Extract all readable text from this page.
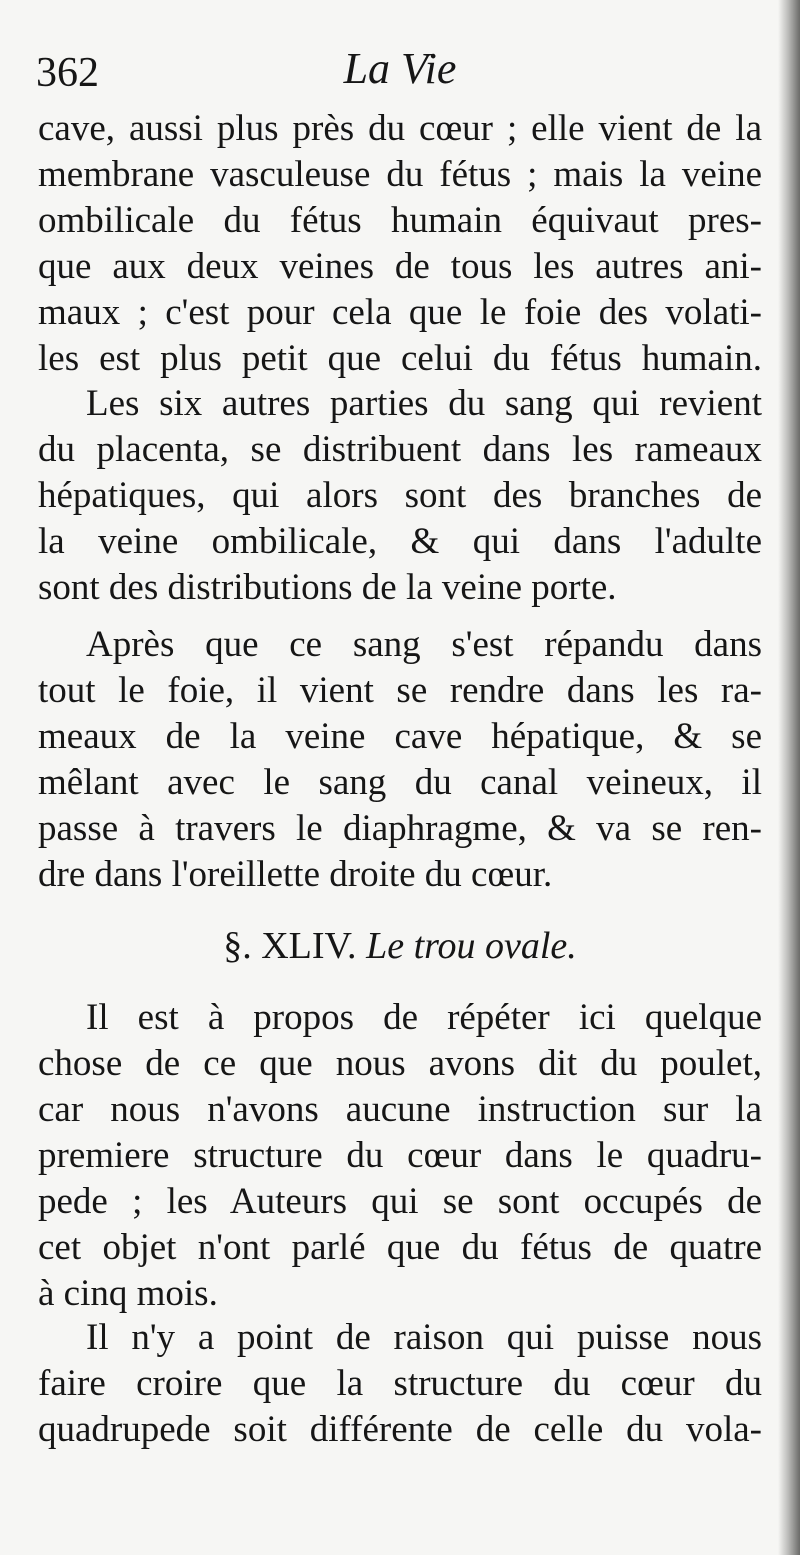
362	La Vie
cave, aussi plus près du cœur ; elle vient de la
membrane vasculeuse du fétus ; mais la veine
ombilicale du fétus humain équivaut pres-
que aux deux veines de tous les autres ani-
maux ; c'est pour cela que le foie des volati-
les est plus petit que celui du fétus humain.
Les six autres parties du sang qui revient
du placenta, se distribuent dans les rameaux
hépatiques, qui alors sont des branches de
la veine ombilicale, & qui dans l'adulte
sont des distributions de la veine porte.
Après que ce sang s'est répandu dans
tout le foie, il vient se rendre dans les ra-
meaux de la veine cave hépatique, & se
mêlant avec le sang du canal veineux, il
passe à travers le diaphragme, & va se ren-
dre dans l'oreillette droite du cœur.
§. XLIV. Le trou ovale.
Il est à propos de répéter ici quelque
chose de ce que nous avons dit du poulet,
car nous n'avons aucune instruction sur la
premiere structure du cœur dans le quadru-
pede ; les Auteurs qui se sont occupés de
cet objet n'ont parlé que du fétus de quatre
à cinq mois.
Il n'y a point de raison qui puisse nous
faire croire que la structure du cœur du
quadrupede soit différente de celle du vola-
